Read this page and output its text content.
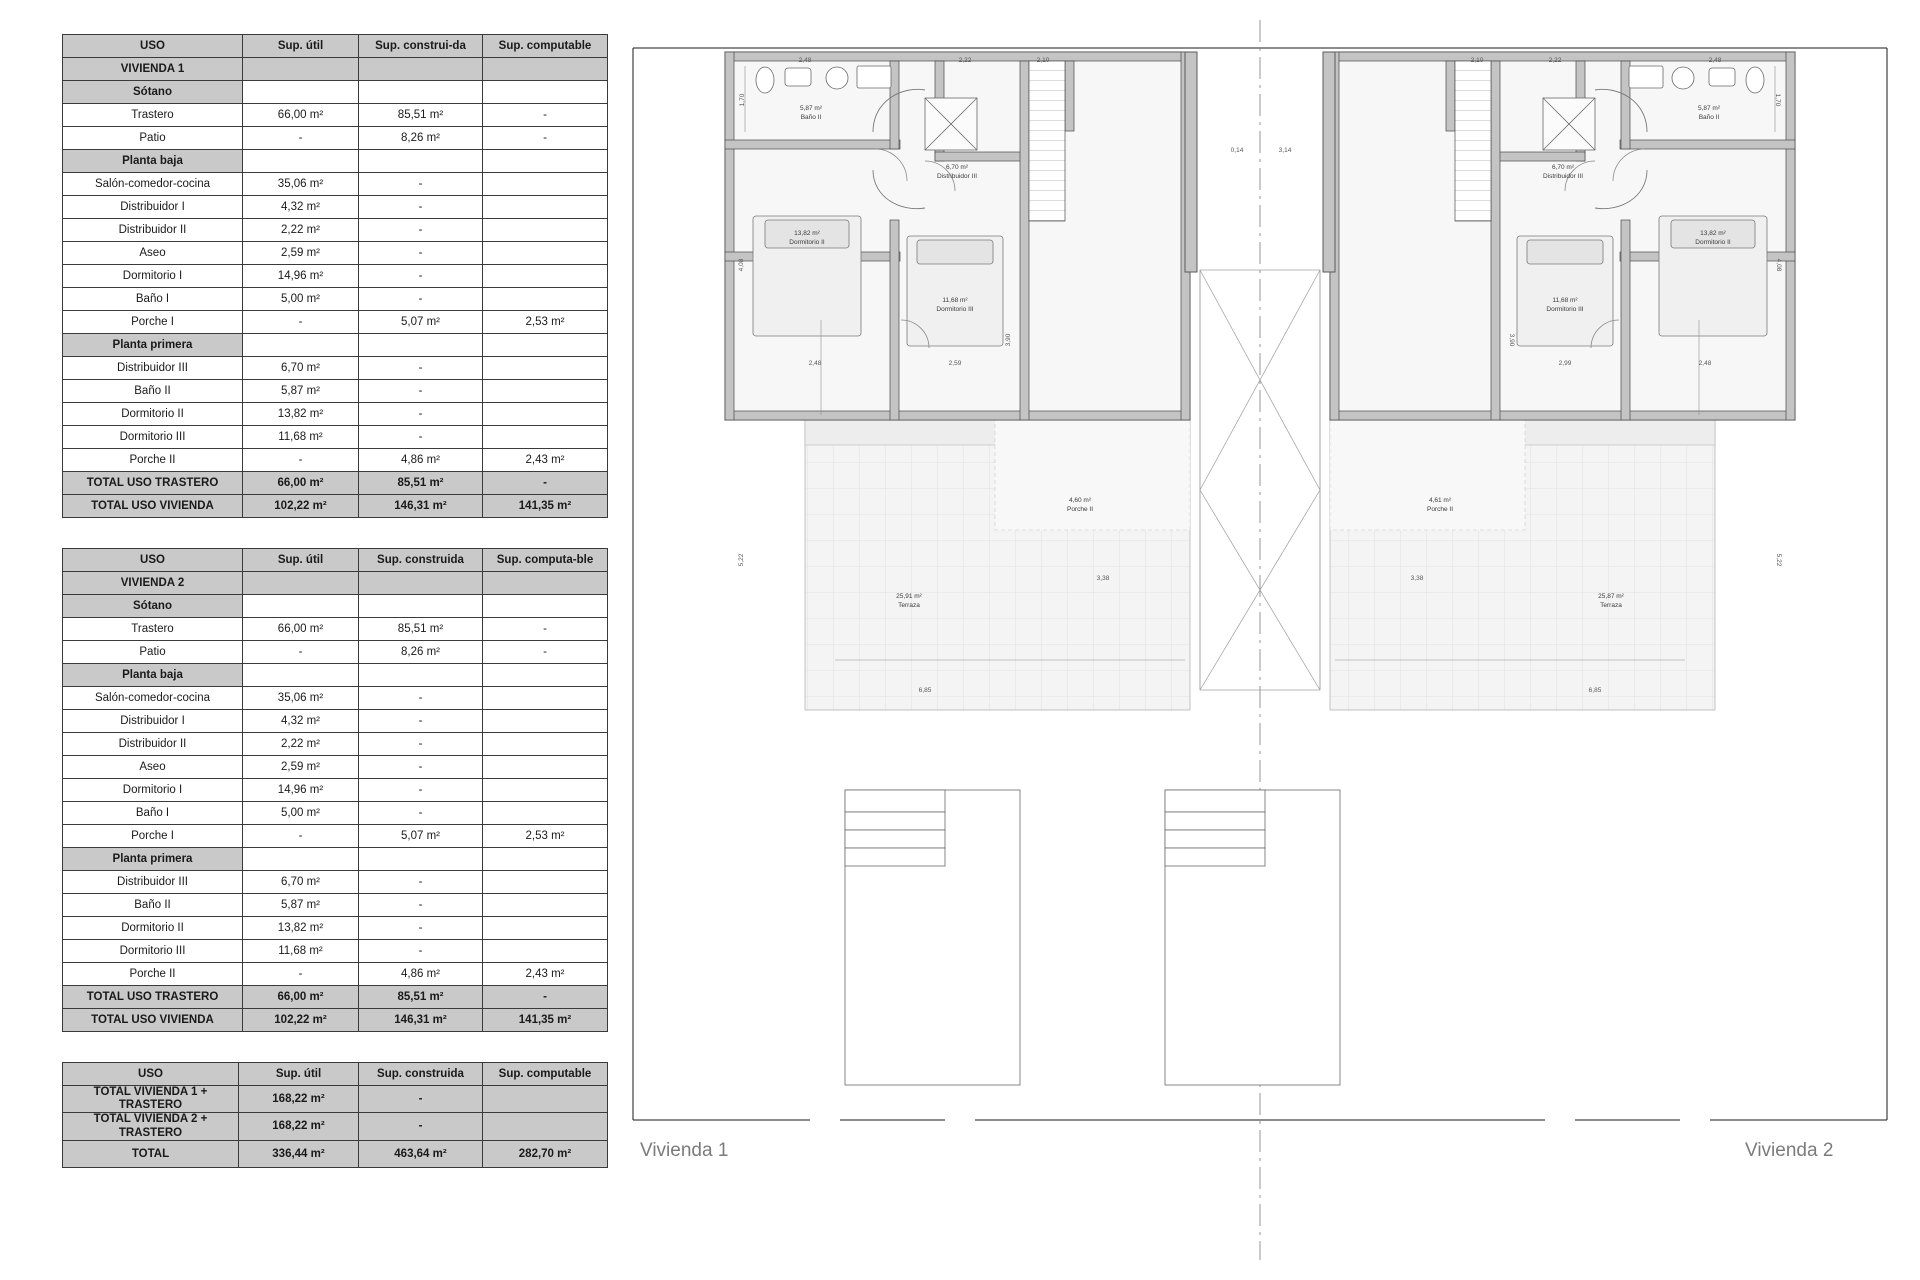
USO	Sup. útil	Sup. construi-da	Sup. computable
VIVIENDA 1			
Sótano			
Trastero	66,00 m²	85,51 m²	-
Patio	-	8,26 m²	-
Planta baja			
Salón-comedor-cocina	35,06 m²	-	
Distribuidor I	4,32 m²	-	
Distribuidor II	2,22 m²	-	
Aseo	2,59 m²	-	
Dormitorio I	14,96 m²	-	
Baño I	5,00 m²	-	
Porche I	-	5,07 m²	2,53 m²
Planta primera			
Distribuidor III	6,70 m²	-	
Baño II	5,87 m²	-	
Dormitorio II	13,82 m²	-	
Dormitorio III	11,68 m²	-	
Porche II	-	4,86 m²	2,43 m²
TOTAL USO TRASTERO	66,00 m²	85,51 m²	-
TOTAL USO VIVIENDA	102,22 m²	146,31 m²	141,35 m²
USO	Sup. útil	Sup. construida	Sup. computa-ble
VIVIENDA 2			
Sótano			
Trastero	66,00 m²	85,51 m²	-
Patio	-	8,26 m²	-
Planta baja			
Salón-comedor-cocina	35,06 m²	-	
Distribuidor I	4,32 m²	-	
Distribuidor II	2,22 m²	-	
Aseo	2,59 m²	-	
Dormitorio I	14,96 m²	-	
Baño I	5,00 m²	-	
Porche I	-	5,07 m²	2,53 m²
Planta primera			
Distribuidor III	6,70 m²	-	
Baño II	5,87 m²	-	
Dormitorio II	13,82 m²	-	
Dormitorio III	11,68 m²	-	
Porche II	-	4,86 m²	2,43 m²
TOTAL USO TRASTERO	66,00 m²	85,51 m²	-
TOTAL USO VIVIENDA	102,22 m²	146,31 m²	141,35 m²
USO	Sup. útil	Sup. construida	Sup. computable
TOTAL VIVIENDA 1 + TRASTERO	168,22 m²	-	
TOTAL VIVIENDA 2 + TRASTERO	168,22 m²	-	
TOTAL	336,44 m²	463,64 m²	282,70 m²
5,87 m²
Baño II
6,70 m²
Distribuidor III
13,82 m²
Dormitorio II
11,68 m²
Dormitorio III
4,60 m²
Porche II
25,91 m²
Terraza
2,48
1,70
2,22	2,10
4,08
2,48	2,59
3,90
5,22
3,38
6,85
5,87 m²
Baño II
6,70 m²
Distribuidor III
13,82 m²
Dormitorio II
11,68 m²
Dormitorio III
4,61 m²
Porche II
25,87 m²
Terraza
2,48
1,70
2,22
2,10
4,08
2,48
2,99
3,90
5,22
3,38
6,85
0,14	3,14
Vivienda 1	Vivienda 2
